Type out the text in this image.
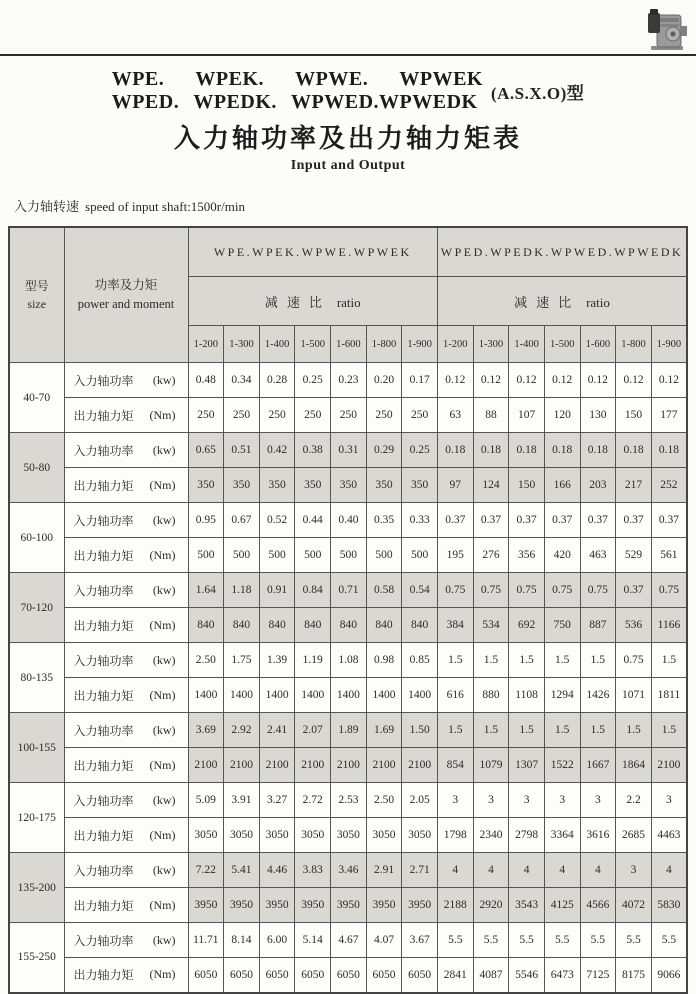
WPE. WPEK. WPWE. WPWEK
WPED. WPEDK. WPWED.WPWEDK (A.S.X.O)型
入力轴功率及出力轴力矩表
Input and Output
入力轴转速 speed of input shaft:1500r/min
型号
size

功率及力矩
power and moment
	WPE.WPEK.WPWE.WPWEK	WPED.WPEDK.WPWED.WPWEDK
		减速比 ratio							减速比 ratio						
		1-200	1-300	1-400	1-500	1-600	1-800	1-900	1-200	1-300	1-400	1-500	1-600	1-800	1-900
40-70	入力轴功率 (kw)	0.48	0.34	0.28	0.25	0.23	0.20	0.17	0.12	0.12	0.12	0.12	0.12	0.12	0.12

	出力轴力矩 (Nm)	250	250	250	250	250	250	250	63	88	107	120	130	150	177
50-80	入力轴功率 (kw)	0.65	0.51	0.42	0.38	0.31	0.29	0.25	0.18	0.18	0.18	0.18	0.18	0.18	0.18

	出力轴力矩 (Nm)	350	350	350	350	350	350	350	97	124	150	166	203	217	252
60-100	入力轴功率 (kw)	0.95	0.67	0.52	0.44	0.40	0.35	0.33	0.37	0.37	0.37	0.37	0.37	0.37	0.37

	出力轴力矩 (Nm)	500	500	500	500	500	500	500	195	276	356	420	463	529	561
70-120	入力轴功率 (kw)	1.64	1.18	0.91	0.84	0.71	0.58	0.54	0.75	0.75	0.75	0.75	0.75	0.37	0.75

	出力轴力矩 (Nm)	840	840	840	840	840	840	840	384	534	692	750	887	536	1166
80-135	入力轴功率 (kw)	2.50	1.75	1.39	1.19	1.08	0.98	0.85	1.5	1.5	1.5	1.5	1.5	0.75	1.5

	出力轴力矩 (Nm)	1400	1400	1400	1400	1400	1400	1400	616	880	1108	1294	1426	1071	1811
100-155	入力轴功率 (kw)	3.69	2.92	2.41	2.07	1.89	1.69	1.50	1.5	1.5	1.5	1.5	1.5	1.5	1.5

	出力轴力矩 (Nm)	2100	2100	2100	2100	2100	2100	2100	854	1079	1307	1522	1667	1864	2100
120-175	入力轴功率 (kw)	5.09	3.91	3.27	2.72	2.53	2.50	2.05	3	3	3	3	3	2.2	3

	出力轴力矩 (Nm)	3050	3050	3050	3050	3050	3050	3050	1798	2340	2798	3364	3616	2685	4463
135-200	入力轴功率 (kw)	7.22	5.41	4.46	3.83	3.46	2.91	2.71	4	4	4	4	4	3	4

	出力轴力矩 (Nm)	3950	3950	3950	3950	3950	3950	3950	2188	2920	3543	4125	4566	4072	5830
155-250	入力轴功率 (kw)	11.71	8.14	6.00	5.14	4.67	4.07	3.67	5.5	5.5	5.5	5.5	5.5	5.5	5.5

	出力轴力矩 (Nm)	6050	6050	6050	6050	6050	6050	6050	2841	4087	5546	6473	7125	8175	9066
